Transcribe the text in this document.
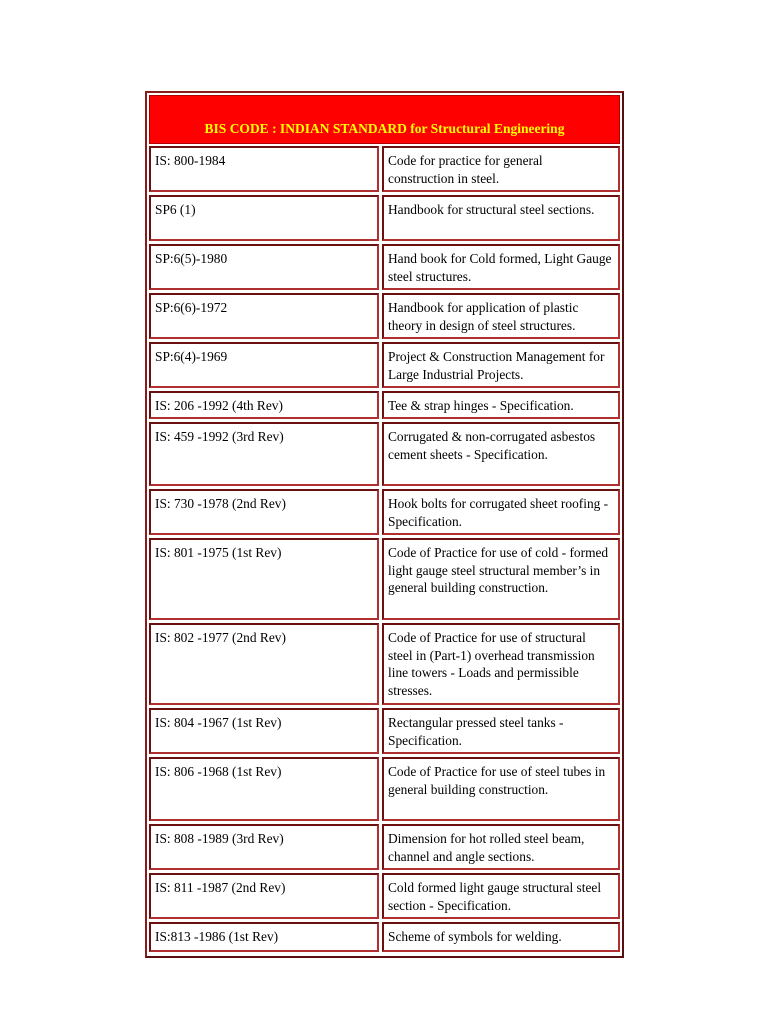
BIS CODE : INDIAN STANDARD for Structural Engineering
IS: 800-1984	Code for practice for general construction in steel.
SP6 (1)	Handbook for structural steel sections.
SP:6(5)-1980	Hand book for Cold formed, Light Gauge steel structures.
SP:6(6)-1972	Handbook for application of plastic theory in design of steel structures.
SP:6(4)-1969	Project & Construction Management for Large Industrial Projects.
IS: 206 -1992 (4th Rev)	Tee & strap hinges - Specification.
IS: 459 -1992 (3rd Rev)	Corrugated & non-corrugated asbestos cement sheets - Specification.
IS: 730 -1978 (2nd Rev)	Hook bolts for corrugated sheet roofing - Specification.
IS: 801 -1975 (1st Rev)	Code of Practice for use of cold - formed light gauge steel structural member’s in general building construction.
IS: 802 -1977 (2nd Rev)	Code of Practice for use of structural steel in (Part-1) overhead transmission line towers - Loads and permissible stresses.
IS: 804 -1967 (1st Rev)	Rectangular pressed steel tanks - Specification.
IS: 806 -1968 (1st Rev)	Code of Practice for use of steel tubes in general building construction.
IS: 808 -1989 (3rd Rev)	Dimension for hot rolled steel beam, channel and angle sections.
IS: 811 -1987 (2nd Rev)	Cold formed light gauge structural steel section - Specification.
IS:813 -1986 (1st Rev)	Scheme of symbols for welding.
